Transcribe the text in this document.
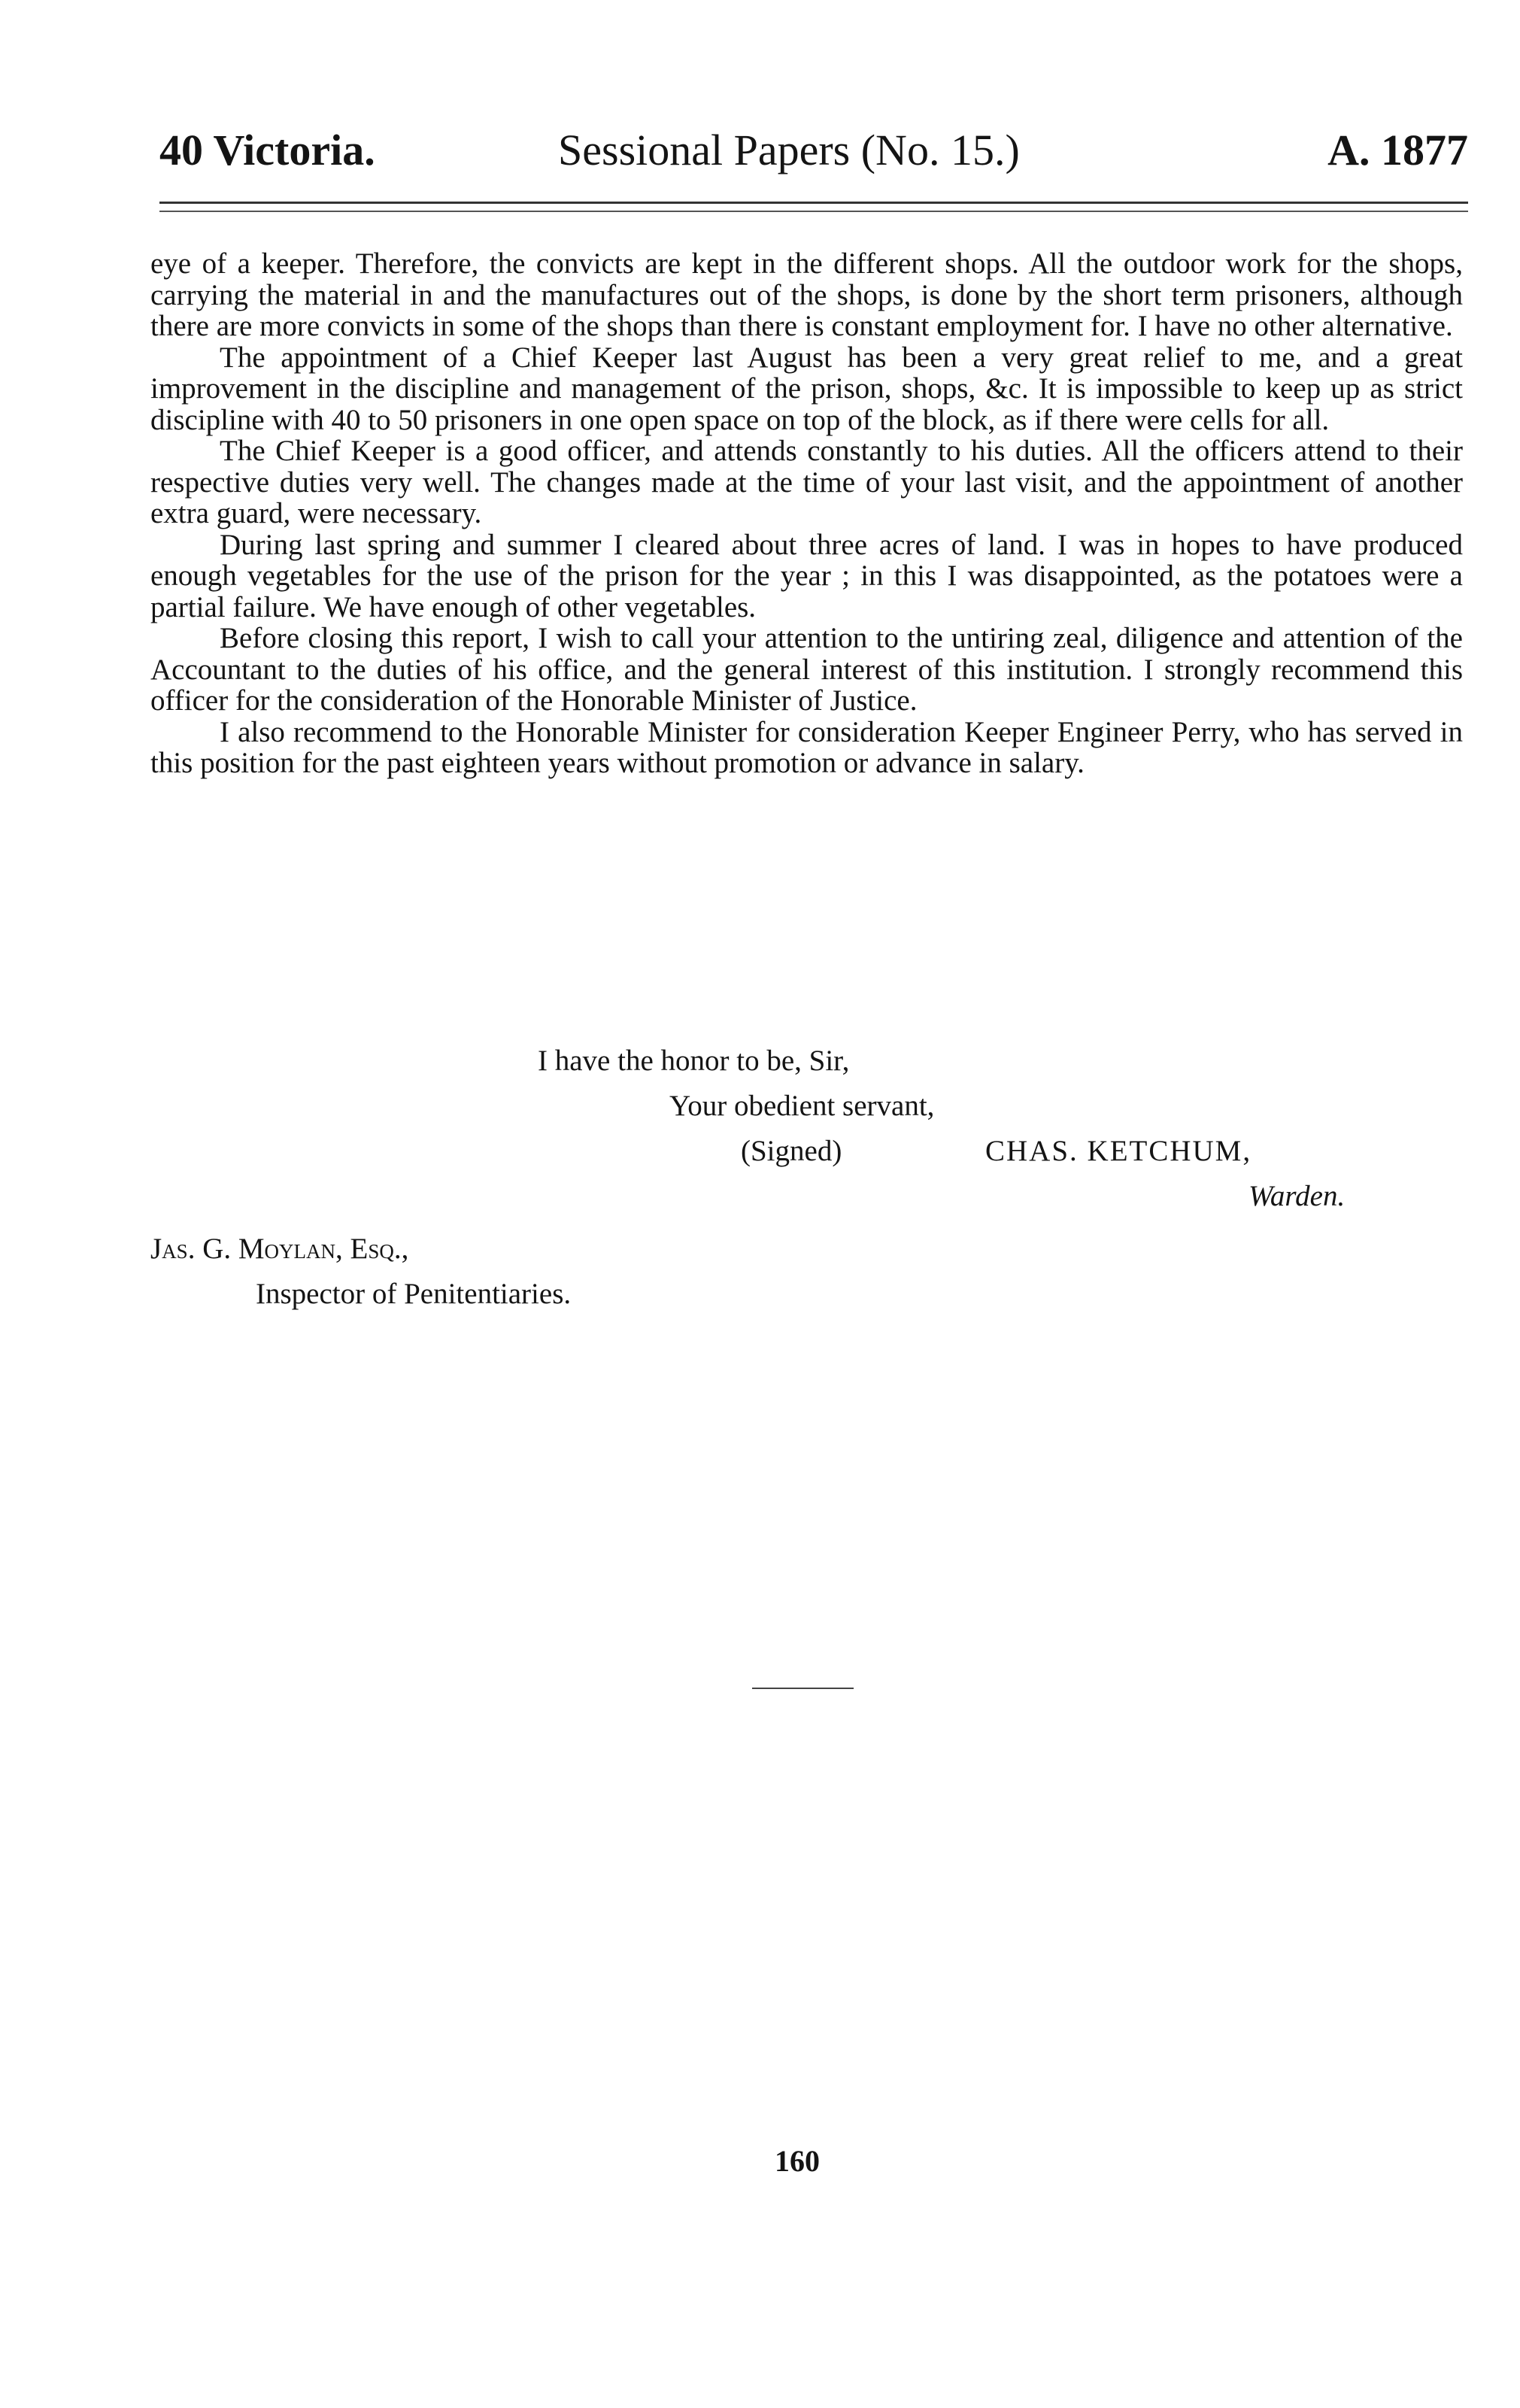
40 Victoria.	Sessional Papers (No. 15.)	A. 1877

eye of a keeper. Therefore, the convicts are kept in the different shops. All the outdoor work for the shops, carrying the material in and the manufactures out of the shops, is done by the short term prisoners, although there are more convicts in some of the shops than there is constant employment for. I have no other alternative.

The appointment of a Chief Keeper last August has been a very great relief to me, and a great improvement in the discipline and management of the prison, shops, &c. It is impossible to keep up as strict discipline with 40 to 50 prisoners in one open space on top of the block, as if there were cells for all.

The Chief Keeper is a good officer, and attends constantly to his duties. All the officers attend to their respective duties very well. The changes made at the time of your last visit, and the appointment of another extra guard, were necessary.

During last spring and summer I cleared about three acres of land. I was in hopes to have produced enough vegetables for the use of the prison for the year ; in this I was disappointed, as the potatoes were a partial failure. We have enough of other vegetables.

Before closing this report, I wish to call your attention to the untiring zeal, diligence and attention of the Accountant to the duties of his office, and the general interest of this institution. I strongly recommend this officer for the consideration of the Honorable Minister of Justice.

I also recommend to the Honorable Minister for consideration Keeper Engineer Perry, who has served in this position for the past eighteen years without promotion or advance in salary.

I have the honor to be, Sir,
Your obedient servant,
(Signed)	CHAS. KETCHUM,
Warden.
Jas. G. Moylan, Esq.,
Inspector of Penitentiaries.
160
